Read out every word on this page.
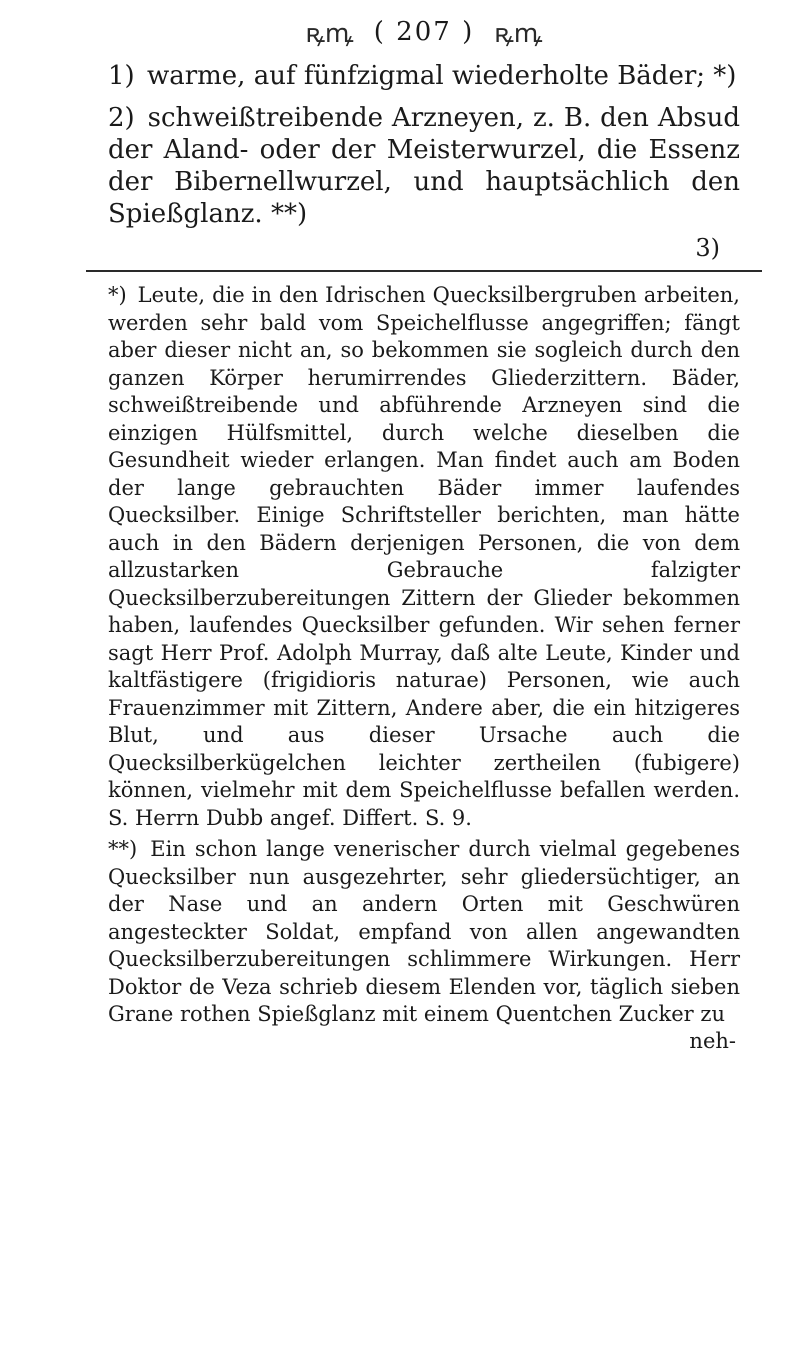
ꝶꝳ ( 207 ) ꝶꝳ

1) warme, auf fünfzigmal wiederholte Bäder; *)

2) schweißtreibende Arzneyen, z. B. den Absud der Aland- oder der Meisterwurzel, die Essenz der Bibernellwurzel, und hauptsächlich den Spießglanz. **)

3)

*) Leute, die in den Idrischen Quecksilbergruben arbeiten, werden sehr bald vom Speichelflusse angegriffen; fängt aber dieser nicht an, so bekommen sie sogleich durch den ganzen Körper herumirrendes Gliederzittern. Bäder, schweißtreibende und abführende Arzneyen sind die einzigen Hülfsmittel, durch welche dieselben die Gesundheit wieder erlangen. Man findet auch am Boden der lange gebrauchten Bäder immer laufendes Quecksilber. Einige Schriftsteller berichten, man hätte auch in den Bädern derjenigen Personen, die von dem allzustarken Gebrauche falzigter Quecksilberzubereitungen Zittern der Glieder bekommen haben, laufendes Quecksilber gefunden. Wir sehen ferner sagt Herr Prof. Adolph Murray, daß alte Leute, Kinder und kaltfästigere (frigidioris naturae) Personen, wie auch Frauenzimmer mit Zittern, Andere aber, die ein hitzigeres Blut, und aus dieser Ursache auch die Quecksilberkügelchen leichter zertheilen (fubigere) können, vielmehr mit dem Speichelflusse befallen werden. S. Herrn Dubb angef. Differt. S. 9.

**) Ein schon lange venerischer durch vielmal gegebenes Quecksilber nun ausgezehrter, sehr gliedersüchtiger, an der Nase und an andern Orten mit Geschwüren angesteckter Soldat, empfand von allen angewandten Quecksilberzubereitungen schlimmere Wirkungen. Herr Doktor de Veza schrieb diesem Elenden vor, täglich sieben Grane rothen Spießglanz mit einem Quentchen Zucker zu

neh-
